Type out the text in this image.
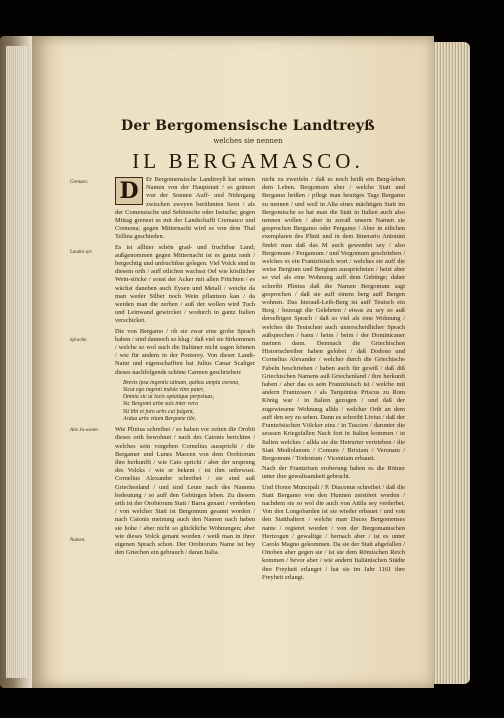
Der Bergomensische Landtreyß
welches sie nennen
IL BERGAMASCO.
Grenzen.
Landes art.
Sprache.
Alte Ju-woner.
Namen.

D	Er Bergomensische Landtreyß hat seinen Namen von der Hauptstatt / es gränzet von der Sonnen Auff- und Nidergang zwischen zweyen berühmten Seen / als der Comensische und Sebinische oder Iseische; gegen Mittag grenzet es mit der Landschafft Cremasco und Cremona; gegen Mitternacht wird es von dem Thal Tellina geschieden.

Es ist allhier schön grad- und fruchtbar Land; außgenommen gegen Mitternacht ist es gantz rauh / bergechtig und unfruchtbar gelegen. Viel Volck sind in diesem orth / auff etlichen wachsst Oel wie köstlicher Wein-stöcke / sonst der Acker mit allen Früchten / es wächst daneben auch Eysen und Metall / weiche da man weder Silber noch Wein pflantzen kan / da werden man die zerben / auß der wollen wird Tuch und Leinwand gewircket / wodurch in gantz Italien verschicket.

Die von Bergamo / ob sie zwar eine grobe Sprach haben / sind dannoch so klug / daß viel sie fürkommen / welche so wol auch die Italiäner nicht sagen können / wie für andern in der Poeterey. Von dieser Landt-Natur und eigenschafften hat Julius Cæsar Scaliger dieses nachfolgende schöne Carmen geschrieben:

Brevis ipsa ingeniis utinam, quibus ampla corona,
Sicut ego ingenii indole vino pater,
Omnia sic ut locis optatique perpetuas,
Sic Bergomi urbe suis inter vera
Sit tibi et foro urbs cui fulgent,
Ardua urbs vitam Bergome tibi.

Wie Plinius schreibet / so haben vor zeiten die Orobii dieses orth bewohnet / nach des Catonis berichten / welches sein vorgeben Cornelius ausspricht / die Bergamer und Lunes Mascen von dem Orobiorum ihre herkunfft / wie Cato spricht / aber der ursprung des Volcks / wie er bekent / ist ihm unbewust. Cornelius Alexander schreibet / sie sind auß Griechenland / und sind Leute nach des Namens bedeutung / so auff den Gebürgen leben. Zu diesem erth ist der Orobiorum Statt / Barra genant / verderben / von welcher Statt ist Bergomum gesamt worden / nach Catonis meinung auch den Namen nach haben sie hohe / aber nicht so glückliche Wohnungen; aber wie dieses Volck genant worden / weiß man in ihrer eigenen Sprach schon. Der Orobiorum Name ist bey den Griechen ein gebrauch / daran Italia.

nicht zu zweifeln / daß es noch heißt ein Berg-leben dem Leben. Bergomum aber / welche Statt und Bergamo heißen / pflegt man heutiges Tags Bergamo zu nennen / und weil in Alta eines mächtigen Statt im Bergomische so hat man die Statt in Italien auch also nennen wollen / aber in zuvall unsern Namen sie gesprochen Bergamo oder Pergamo / Aber in etlichen exemplaren des Plinii und in dem Itinerario Antonini findet man daß das M auch gewendet sey / also Bergomum / Pergamum / und Vergomum geschrieben / welches es ein Frantzösisch wort / welches sie auff die weise Bergium und Bergium ausspricheten / heist aber so viel als eine Wohnung auff dem Gebürge; daher schreibt Plinius daß die Namen Bergomum sagt gesprochen / daß sie auff einem berg auff Bergen wohnen. Das hierauß-Leib-Berg ist auff Teutsch ein Berg / bezeugt die Gelehrten / etwas zu sey so auß derselbigen Sprach / daß so viel als eine Wohnung / welches die Teutschen auch unterscheidlicher Sprach außsprechen / bann / heim / beim / der Dominicaner meinen dann. Demnach die Griechischen Historischreiber haben gelobet / daß Dodono und Cornelius Alexander / welcher durch die Griechische Fabeln beschrieben / haben auch für gewiß / daß diß Griechischen Namens auß Griechenland / ihre herkunft haben / aber das es sein Frantzösisch ist / welche mit andern Frantzosen / als Tarquinius Priscus zu Rom König war / in Italien gezogen / und daß der zugewiesene Wohnung allda / welcher Orth an dem auff den sey zu sehen. Dann es schreibt Livius / daß der Frantzösischen Völcker eins / in Tuscien / darunter die sesssen Kriegsfallen Nach fort in Italien kommen / in Italien welches / allda sie die Hetrurier vertrieben / die Statt Mediolanum / Comum / Brixiam / Veronam / Bergomum / Tridentum / Vicentiam erbauet.

Nach der Frantzösen eroberung haben es die Römer unter ihre gewaltsamkeit gebracht.

Und Honor Muncipali / P. Diaconus schreibet / daß die Statt Bergamo von den Hunnen zerstöret worden / nachdem sie so wol die auch von Attila sey verderbet. Von den Longobarden ist sie wieder erbauet / und von den Statthaltern / welche man Duces Bergomenses nante / regieret worden / von der Bergomanischen Hertzogen / gewaltige / hernach aber / ist es unter Carolo Magno gekommen. Da sie der Statt abgefallen / Ottoben aber gegen sie / ist sie dem Römischen Reich kommen / bevor aber / wie andern Italiänischen Städte ihre Freyheit erlanget / hat sie im Jahr 1161 ihre Freyheit erlangt.
